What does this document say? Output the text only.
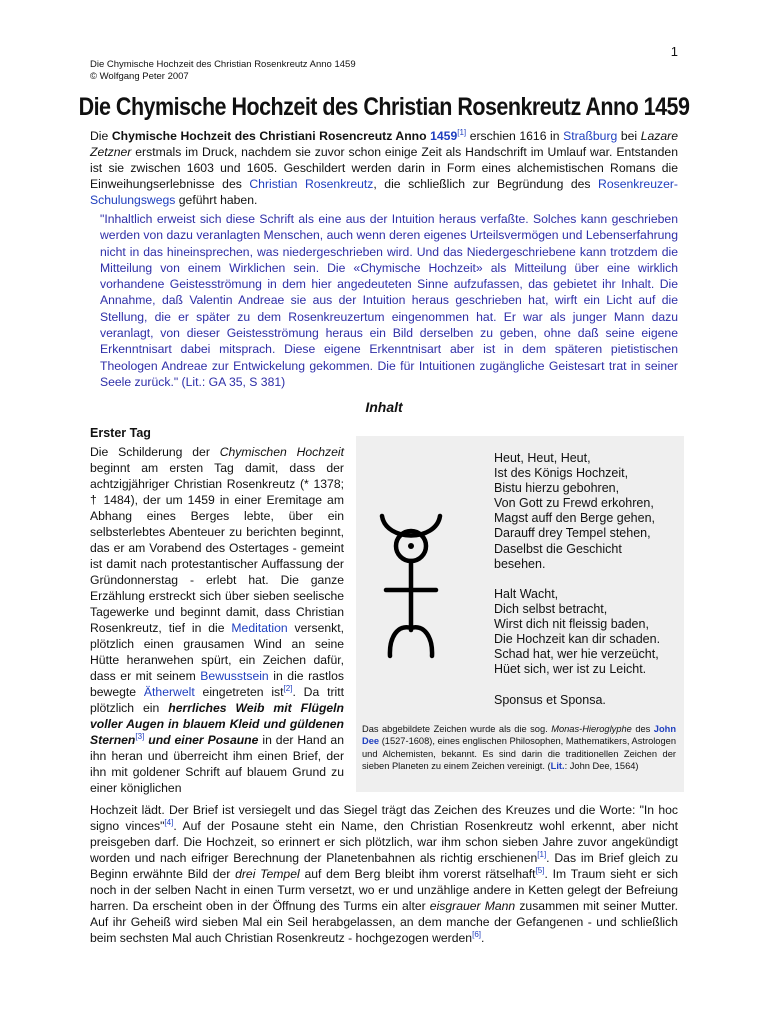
1
Die Chymische Hochzeit des Christian Rosenkreutz Anno 1459
© Wolfgang Peter 2007
Die Chymische Hochzeit des Christian Rosenkreutz Anno 1459
Die Chymische Hochzeit des Christiani Rosencreutz Anno 1459[1] erschien 1616 in Straßburg bei Lazare Zetzner erstmals im Druck, nachdem sie zuvor schon einige Zeit als Handschrift im Umlauf war. Entstanden ist sie zwischen 1603 und 1605. Geschildert werden darin in Form eines alchemistischen Romans die Einweihungserlebnisse des Christian Rosenkreutz, die schließlich zur Begründung des Rosenkreuzer-Schulungswegs geführt haben.
"Inhaltlich erweist sich diese Schrift als eine aus der Intuition heraus verfaßte. Solches kann geschrieben werden von dazu veranlagten Menschen, auch wenn deren eigenes Urteilsvermögen und Lebenserfahrung nicht in das hineinsprechen, was niedergeschrieben wird. Und das Niedergeschriebene kann trotzdem die Mitteilung von einem Wirklichen sein. Die «Chymische Hochzeit» als Mitteilung über eine wirklich vorhandene Geistesströmung in dem hier angedeuteten Sinne aufzufassen, das gebietet ihr Inhalt. Die Annahme, daß Valentin Andreae sie aus der Intuition heraus geschrieben hat, wirft ein Licht auf die Stellung, die er später zu dem Rosenkreuzertum eingenommen hat. Er war als junger Mann dazu veranlagt, von dieser Geistesströmung heraus ein Bild derselben zu geben, ohne daß seine eigene Erkenntnisart dabei mitsprach. Diese eigene Erkenntnisart aber ist in dem späteren pietistischen Theologen Andreae zur Entwickelung gekommen. Die für Intuitionen zugängliche Geistesart trat in seiner Seele zurück." (Lit.: GA 35, S 381)
Inhalt
Erster Tag
Die Schilderung der Chymischen Hochzeit beginnt am ersten Tag damit, dass der achtzigjähriger Christian Rosenkreutz (* 1378; † 1484), der um 1459 in einer Eremitage am Abhang eines Berges lebte, über ein selbsterlebtes Abenteuer zu berichten beginnt, das er am Vorabend des Ostertages - gemeint ist damit nach protestantischer Auffassung der Gründonnerstag - erlebt hat. Die ganze Erzählung erstreckt sich über sieben seelische Tagewerke und beginnt damit, dass Christian Rosenkreutz, tief in die Meditation versenkt, plötzlich einen grausamen Wind an seine Hütte heranwehen spürt, ein Zeichen dafür, dass er mit seinem Bewusstsein in die rastlos bewegte Ätherwelt eingetreten ist[2]. Da tritt plötzlich ein herrliches Weib mit Flügeln voller Augen in blauem Kleid und güldenen Sternen[3] und einer Posaune in der Hand an ihn heran und überreicht ihm einen Brief, der ihn mit goldener Schrift auf blauem Grund zu einer königlichen
Heut, Heut, Heut,
Ist des Königs Hochzeit,
Bistu hierzu gebohren,
Von Gott zu Frewd erkohren,
Magst auff den Berge gehen,
Darauff drey Tempel stehen,
Daselbst die Geschicht
besehen.

Halt Wacht,
Dich selbst betracht,
Wirst dich nit fleissig baden,
Die Hochzeit kan dir schaden.
Schad hat, wer hie verzeücht,
Hüet sich, wer ist zu Leicht.

Sponsus et Sponsa.
Das abgebildete Zeichen wurde als die sog. Monas-Hieroglyphe des John Dee (1527-1608), eines englischen Philosophen, Mathematikers, Astrologen und Alchemisten, bekannt. Es sind darin die traditionellen Zeichen der sieben Planeten zu einem Zeichen vereinigt. (Lit.: John Dee, 1564)
Hochzeit lädt. Der Brief ist versiegelt und das Siegel trägt das Zeichen des Kreuzes und die Worte: "In hoc signo vinces"[4]. Auf der Posaune steht ein Name, den Christian Rosenkreutz wohl erkennt, aber nicht preisgeben darf. Die Hochzeit, so erinnert er sich plötzlich, war ihm schon sieben Jahre zuvor angekündigt worden und nach eifriger Berechnung der Planetenbahnen als richtig erschienen[1]. Das im Brief gleich zu Beginn erwähnte Bild der drei Tempel auf dem Berg bleibt ihm vorerst rätselhaft[5]. Im Traum sieht er sich noch in der selben Nacht in einen Turm versetzt, wo er und unzählige andere in Ketten gelegt der Befreiung harren. Da erscheint oben in der Öffnung des Turms ein alter eisgrauer Mann zusammen mit seiner Mutter. Auf ihr Geheiß wird sieben Mal ein Seil herabgelassen, an dem manche der Gefangenen - und schließlich beim sechsten Mal auch Christian Rosenkreutz - hochgezogen werden[6].
